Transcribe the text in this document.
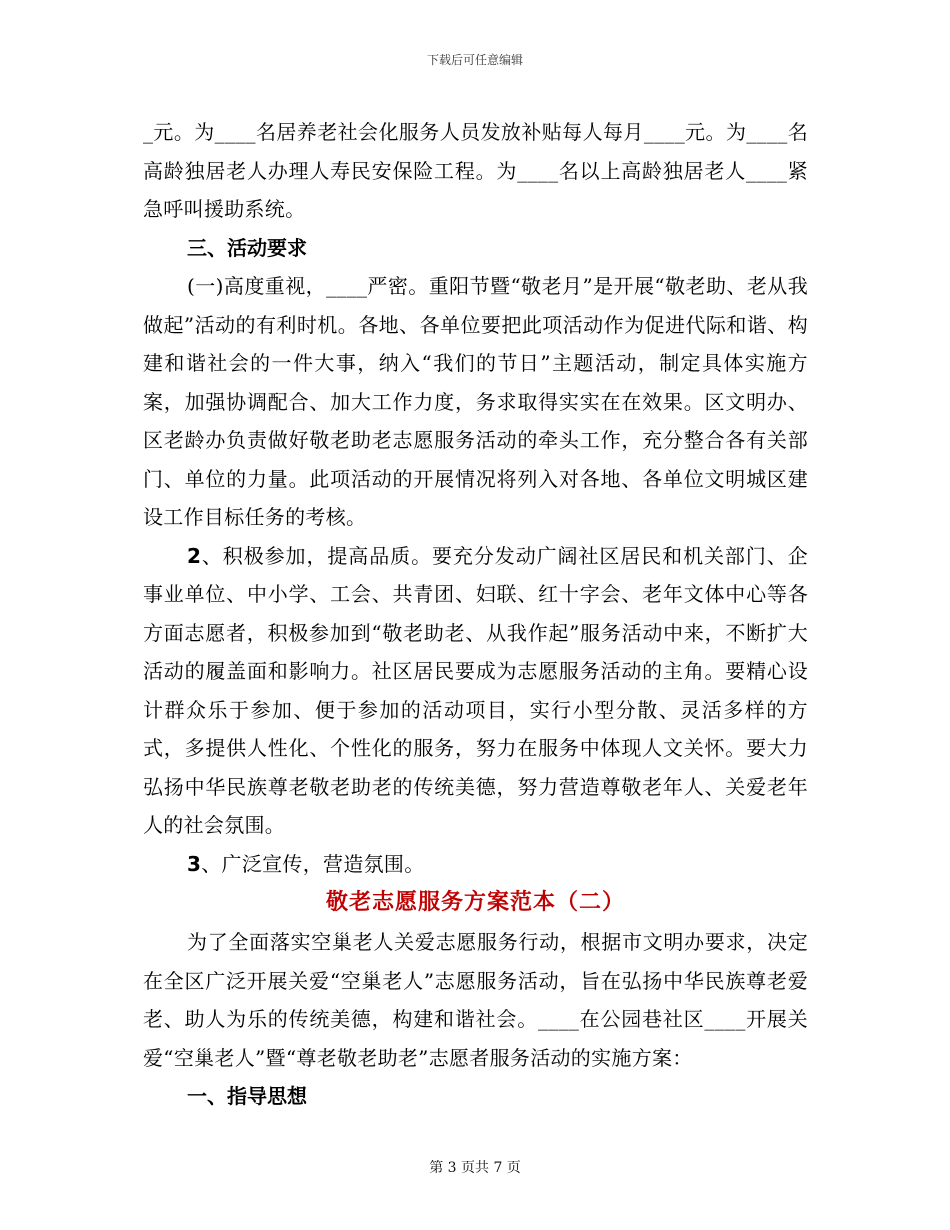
下载后可任意编辑

_元。为____名居养老社会化服务人员发放补贴每人每月____元。为____名高龄独居老人办理人寿民安保险工程。为____名以上高龄独居老人____紧急呼叫援助系统。

三、活动要求

(一)高度重视，____严密。重阳节暨“敬老月”是开展“敬老助、老从我做起”活动的有利时机。各地、各单位要把此项活动作为促进代际和谐、构建和谐社会的一件大事，纳入“我们的节日”主题活动，制定具体实施方案，加强协调配合、加大工作力度，务求取得实实在在效果。区文明办、区老龄办负责做好敬老助老志愿服务活动的牵头工作，充分整合各有关部门、单位的力量。此项活动的开展情况将列入对各地、各单位文明城区建设工作目标任务的考核。

2、积极参加，提高品质。要充分发动广阔社区居民和机关部门、企事业单位、中小学、工会、共青团、妇联、红十字会、老年文体中心等各方面志愿者，积极参加到“敬老助老、从我作起”服务活动中来，不断扩大活动的履盖面和影响力。社区居民要成为志愿服务活动的主角。要精心设计群众乐于参加、便于参加的活动项目，实行小型分散、灵活多样的方式，多提供人性化、个性化的服务，努力在服务中体现人文关怀。要大力弘扬中华民族尊老敬老助老的传统美德，努力营造尊敬老年人、关爱老年人的社会氛围。

3、广泛宣传，营造氛围。

敬老志愿服务方案范本（二）

为了全面落实空巢老人关爱志愿服务行动，根据市文明办要求，决定在全区广泛开展关爱“空巢老人”志愿服务活动，旨在弘扬中华民族尊老爱老、助人为乐的传统美德，构建和谐社会。____在公园巷社区____开展关爱“空巢老人”暨“尊老敬老助老”志愿者服务活动的实施方案：

一、指导思想

第 3 页共 7 页
